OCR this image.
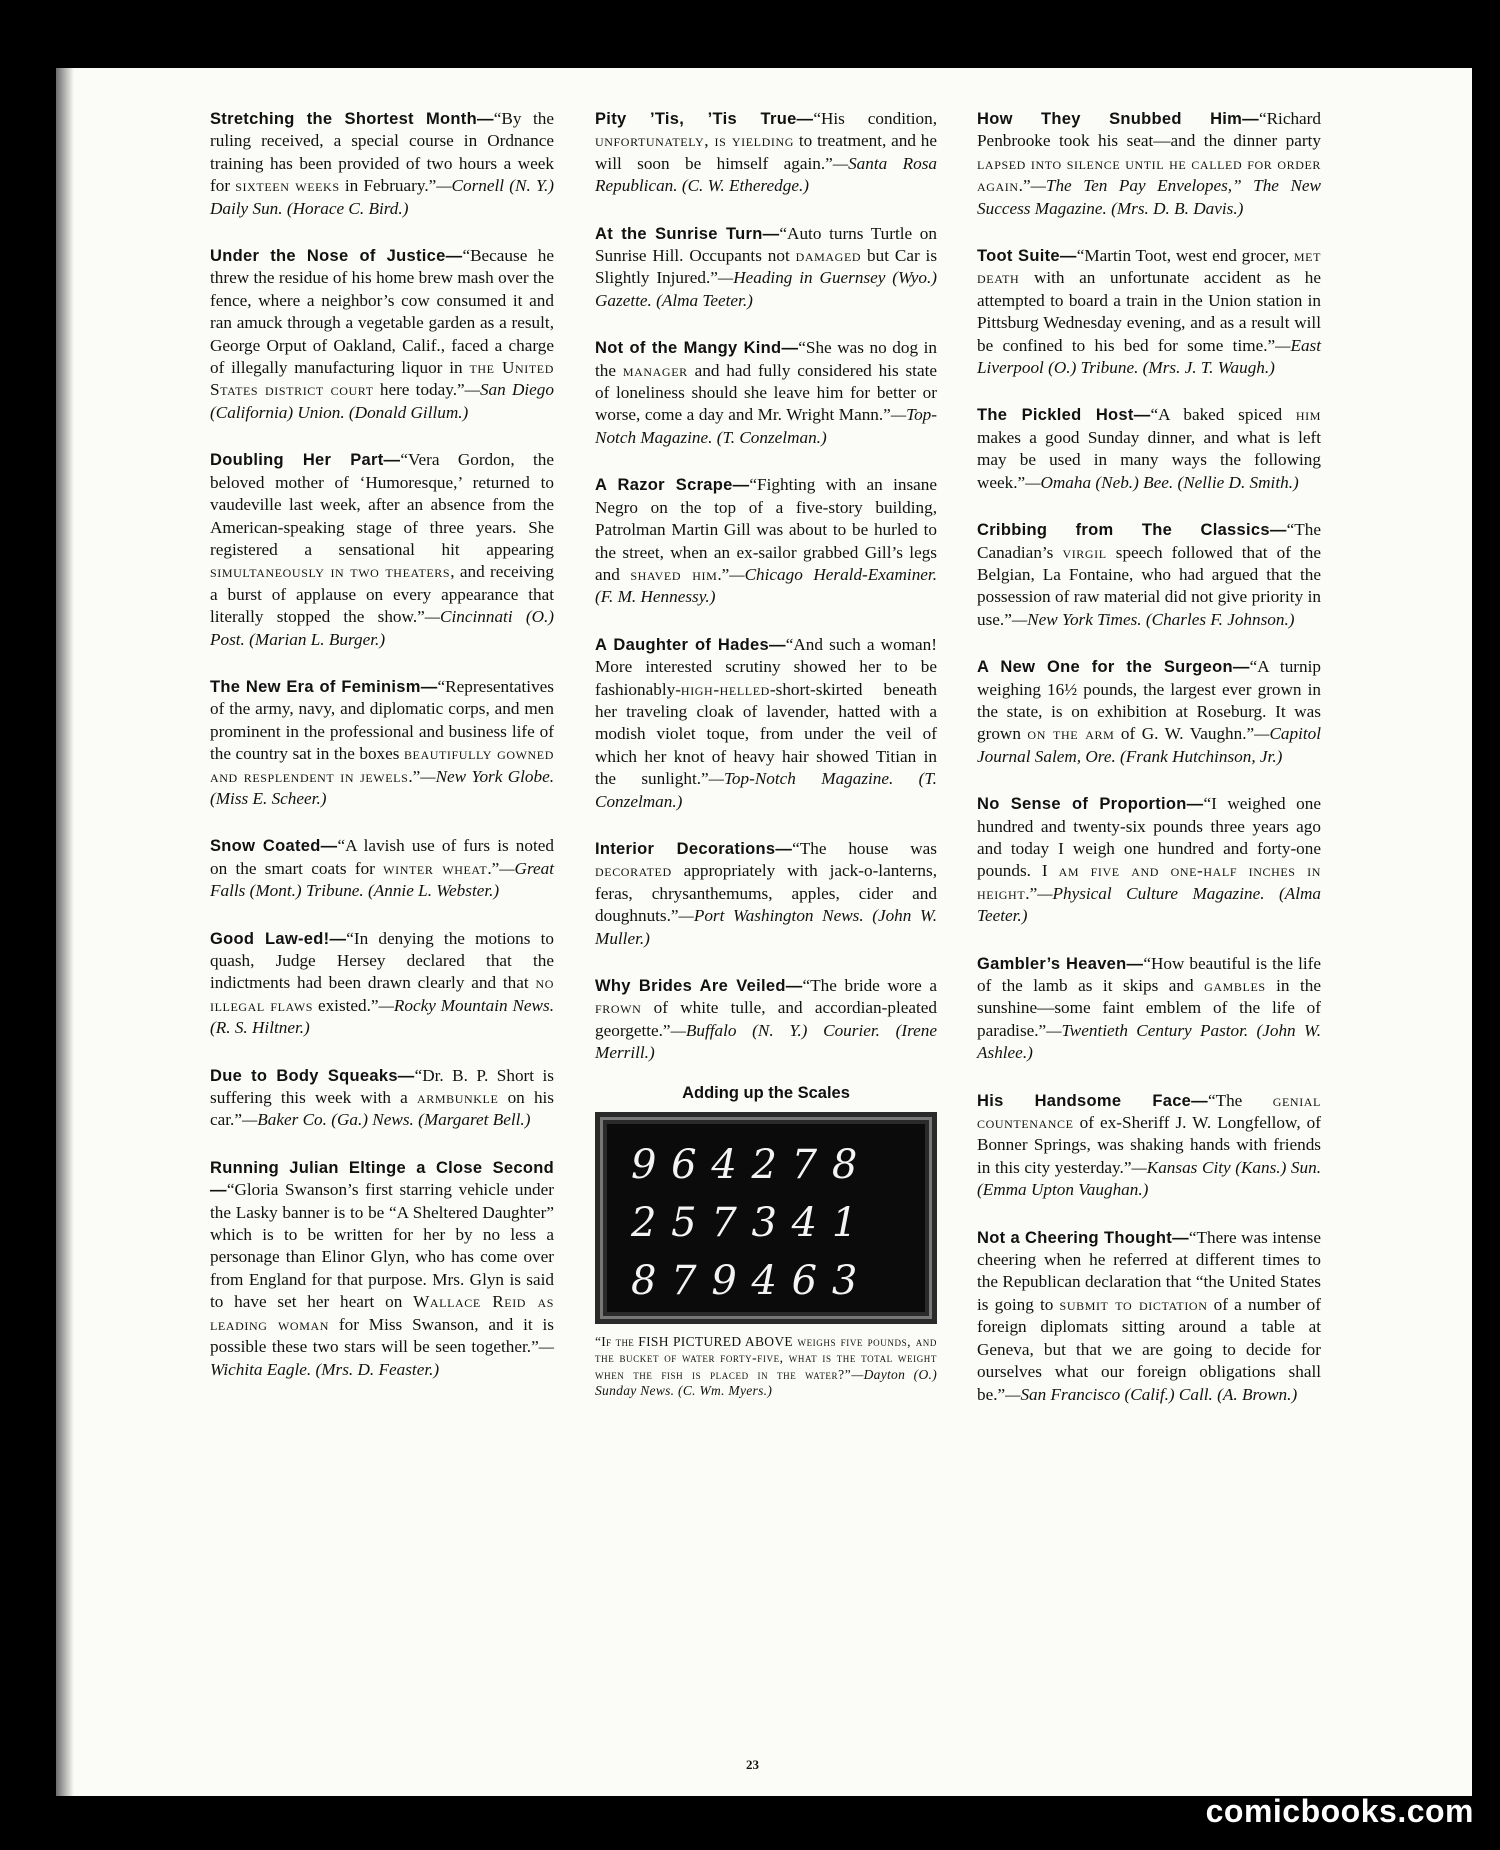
Stretching the Shortest Month—“By the ruling received, a special course in Ordnance training has been provided of two hours a week for sixteen weeks in February.”—Cornell (N. Y.) Daily Sun. (Horace C. Bird.)

Under the Nose of Justice—“Because he threw the residue of his home brew mash over the fence, where a neighbor’s cow consumed it and ran amuck through a vegetable garden as a result, George Orput of Oakland, Calif., faced a charge of illegally manufacturing liquor in the United States district court here today.”—San Diego (California) Union. (Donald Gillum.)

Doubling Her Part—“Vera Gordon, the beloved mother of ‘Humoresque,’ returned to vaudeville last week, after an absence from the American-speaking stage of three years. She registered a sensational hit appearing simultaneously in two theaters, and receiving a burst of applause on every appearance that literally stopped the show.”—Cincinnati (O.) Post. (Marian L. Burger.)

The New Era of Feminism—“Representatives of the army, navy, and diplomatic corps, and men prominent in the professional and business life of the country sat in the boxes beautifully gowned and resplendent in jewels.”—New York Globe. (Miss E. Scheer.)

Snow Coated—“A lavish use of furs is noted on the smart coats for winter wheat.”—Great Falls (Mont.) Tribune. (Annie L. Webster.)

Good Law-ed!—“In denying the motions to quash, Judge Hersey declared that the indictments had been drawn clearly and that no illegal flaws existed.”—Rocky Mountain News. (R. S. Hiltner.)

Due to Body Squeaks—“Dr. B. P. Short is suffering this week with a armbunkle on his car.”—Baker Co. (Ga.) News. (Margaret Bell.)

Running Julian Eltinge a Close Second—“Gloria Swanson’s first starring vehicle under the Lasky banner is to be “A Sheltered Daughter” which is to be written for her by no less a personage than Elinor Glyn, who has come over from England for that purpose. Mrs. Glyn is said to have set her heart on Wallace Reid as leading woman for Miss Swanson, and it is possible these two stars will be seen together.”—Wichita Eagle. (Mrs. D. Feaster.)

Pity ’Tis, ’Tis True—“His condition, unfortunately, is yielding to treatment, and he will soon be himself again.”—Santa Rosa Republican. (C. W. Etheredge.)

At the Sunrise Turn—“Auto turns Turtle on Sunrise Hill. Occupants not damaged but Car is Slightly Injured.”—Heading in Guernsey (Wyo.) Gazette. (Alma Teeter.)

Not of the Mangy Kind—“She was no dog in the manager and had fully considered his state of loneliness should she leave him for better or worse, come a day and Mr. Wright Mann.”—Top-Notch Magazine. (T. Conzelman.)

A Razor Scrape—“Fighting with an insane Negro on the top of a five-story building, Patrolman Martin Gill was about to be hurled to the street, when an ex-sailor grabbed Gill’s legs and shaved him.”—Chicago Herald-Examiner. (F. M. Hennessy.)

A Daughter of Hades—“And such a woman! More interested scrutiny showed her to be fashionably-high-helled-short-skirted beneath her traveling cloak of lavender, hatted with a modish violet toque, from under the veil of which her knot of heavy hair showed Titian in the sunlight.”—Top-Notch Magazine. (T. Conzelman.)

Interior Decorations—“The house was decorated appropriately with jack-o-lanterns, feras, chrysanthemums, apples, cider and doughnuts.”—Port Washington News. (John W. Muller.)

Why Brides Are Veiled—“The bride wore a frown of white tulle, and accordian-pleated georgette.”—Buffalo (N. Y.) Courier. (Irene Merrill.)

Adding up the Scales
9 6 4 2 7 8
2 5 7 3 4 1
8 7 9 4 6 3
“If the FISH PICTURED ABOVE weighs five pounds, and the bucket of water forty-five, what is the total weight when the fish is placed in the water?”—Dayton (O.) Sunday News. (C. Wm. Myers.)

How They Snubbed Him—“Richard Penbrooke took his seat—and the dinner party lapsed into silence until he called for order again.”—The Ten Pay Envelopes,” The New Success Magazine. (Mrs. D. B. Davis.)

Toot Suite—“Martin Toot, west end grocer, met death with an unfortunate accident as he attempted to board a train in the Union station in Pittsburg Wednesday evening, and as a result will be confined to his bed for some time.”—East Liverpool (O.) Tribune. (Mrs. J. T. Waugh.)

The Pickled Host—“A baked spiced him makes a good Sunday dinner, and what is left may be used in many ways the following week.”—Omaha (Neb.) Bee. (Nellie D. Smith.)

Cribbing from The Classics—“The Canadian’s virgil speech followed that of the Belgian, La Fontaine, who had argued that the possession of raw material did not give priority in use.”—New York Times. (Charles F. Johnson.)

A New One for the Surgeon—“A turnip weighing 16½ pounds, the largest ever grown in the state, is on exhibition at Roseburg. It was grown on the arm of G. W. Vaughn.”—Capitol Journal Salem, Ore. (Frank Hutchinson, Jr.)

No Sense of Proportion—“I weighed one hundred and twenty-six pounds three years ago and today I weigh one hundred and forty-one pounds. I am five and one-half inches in height.”—Physical Culture Magazine. (Alma Teeter.)

Gambler’s Heaven—“How beautiful is the life of the lamb as it skips and gambles in the sunshine—some faint emblem of the life of paradise.”—Twentieth Century Pastor. (John W. Ashlee.)

His Handsome Face—“The genial countenance of ex-Sheriff J. W. Longfellow, of Bonner Springs, was shaking hands with friends in this city yesterday.”—Kansas City (Kans.) Sun. (Emma Upton Vaughan.)

Not a Cheering Thought—“There was intense cheering when he referred at different times to the Republican declaration that “the United States is going to submit to dictation of a number of foreign diplomats sitting around a table at Geneva, but that we are going to decide for ourselves what our foreign obligations shall be.”—San Francisco (Calif.) Call. (A. Brown.)

23
comicbooks.com
